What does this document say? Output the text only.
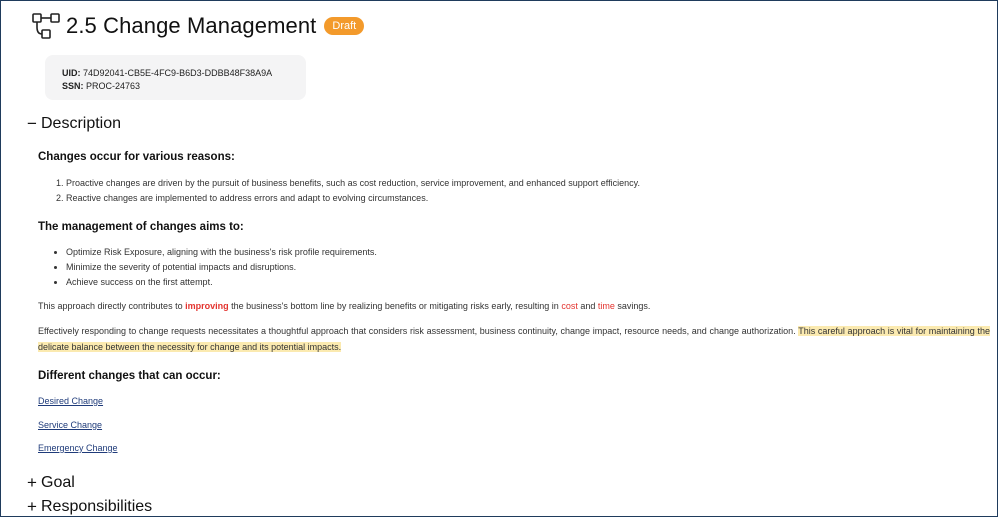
2.5 Change Management	Draft
UID: 74D92041-CB5E-4FC9-B6D3-DDBB48F38A9A
SSN: PROC-24763
− Description
Changes occur for various reasons:
1. Proactive changes are driven by the pursuit of business benefits, such as cost reduction, service improvement, and enhanced support efficiency.
2. Reactive changes are implemented to address errors and adapt to evolving circumstances.
The management of changes aims to:
• Optimize Risk Exposure, aligning with the business's risk profile requirements.
• Minimize the severity of potential impacts and disruptions.
• Achieve success on the first attempt.

This approach directly contributes to improving the business's bottom line by realizing benefits or mitigating risks early, resulting in cost and time savings.

Effectively responding to change requests necessitates a thoughtful approach that considers risk assessment, business continuity, change impact, resource needs, and change authorization. This careful approach is vital for maintaining the delicate balance between the necessity for change and its potential impacts.

Different changes that can occur:
Desired Change
Service Change
Emergency Change
+ Goal
+ Responsibilities
